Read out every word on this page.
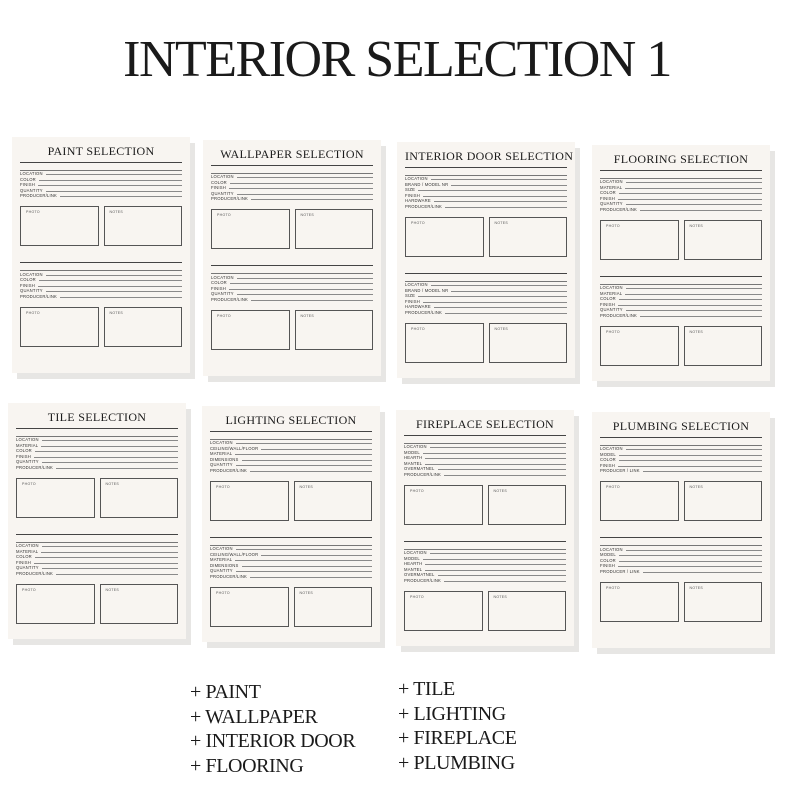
INTERIOR SELECTION 1
PAINT SELECTION
LOCATION
COLOR
FINISH
QUANTITY
PRODUCER/LINK
PHOTO	NOTES
LOCATION
COLOR
FINISH
QUANTITY
PRODUCER/LINK
PHOTO	NOTES
WALLPAPER SELECTION
LOCATION
COLOR
FINISH
QUANTITY
PRODUCER/LINK
PHOTO	NOTES
LOCATION
COLOR
FINISH
QUANTITY
PRODUCER/LINK
PHOTO	NOTES
INTERIOR DOOR SELECTION
LOCATION
BRAND / MODEL NR
SIZE
FINISH
HARDWARE
PRODUCER/LINK
PHOTO	NOTES
LOCATION
BRAND / MODEL NR
SIZE
FINISH
HARDWARE
PRODUCER/LINK
PHOTO	NOTES
FLOORING SELECTION
LOCATION
MATERIAL
COLOR
FINISH
QUANTITY
PRODUCER/LINK
PHOTO	NOTES
LOCATION
MATERIAL
COLOR
FINISH
QUANTITY
PRODUCER/LINK
PHOTO	NOTES
TILE SELECTION
LOCATION
MATERIAL
COLOR
FINISH
QUANTITY
PRODUCER/LINK
PHOTO	NOTES
LOCATION
MATERIAL
COLOR
FINISH
QUANTITY
PRODUCER/LINK
PHOTO	NOTES
LIGHTING SELECTION
LOCATION
CEILING/WALL/FLOOR
MATERIAL
DIMENSIONS
QUANTITY
PRODUCER/LINK
PHOTO	NOTES
LOCATION
CEILING/WALL/FLOOR
MATERIAL
DIMENSIONS
QUANTITY
PRODUCER/LINK
PHOTO	NOTES
FIREPLACE SELECTION
LOCATION
MODEL
HEARTH
MANTEL
OVERMATNEL
PRODUCER/LINK
PHOTO	NOTES
LOCATION
MODEL
HEARTH
MANTEL
OVERMATNEL
PRODUCER/LINK
PHOTO	NOTES
PLUMBING SELECTION
LOCATION
MODEL
COLOR
FINISH
PRODUCER / LINK
PHOTO	NOTES
LOCATION
MODEL
COLOR
FINISH
PRODUCER / LINK
PHOTO	NOTES
+ PAINT
+ WALLPAPER
+ INTERIOR DOOR
+ FLOORING
+ TILE
+ LIGHTING
+ FIREPLACE
+ PLUMBING
